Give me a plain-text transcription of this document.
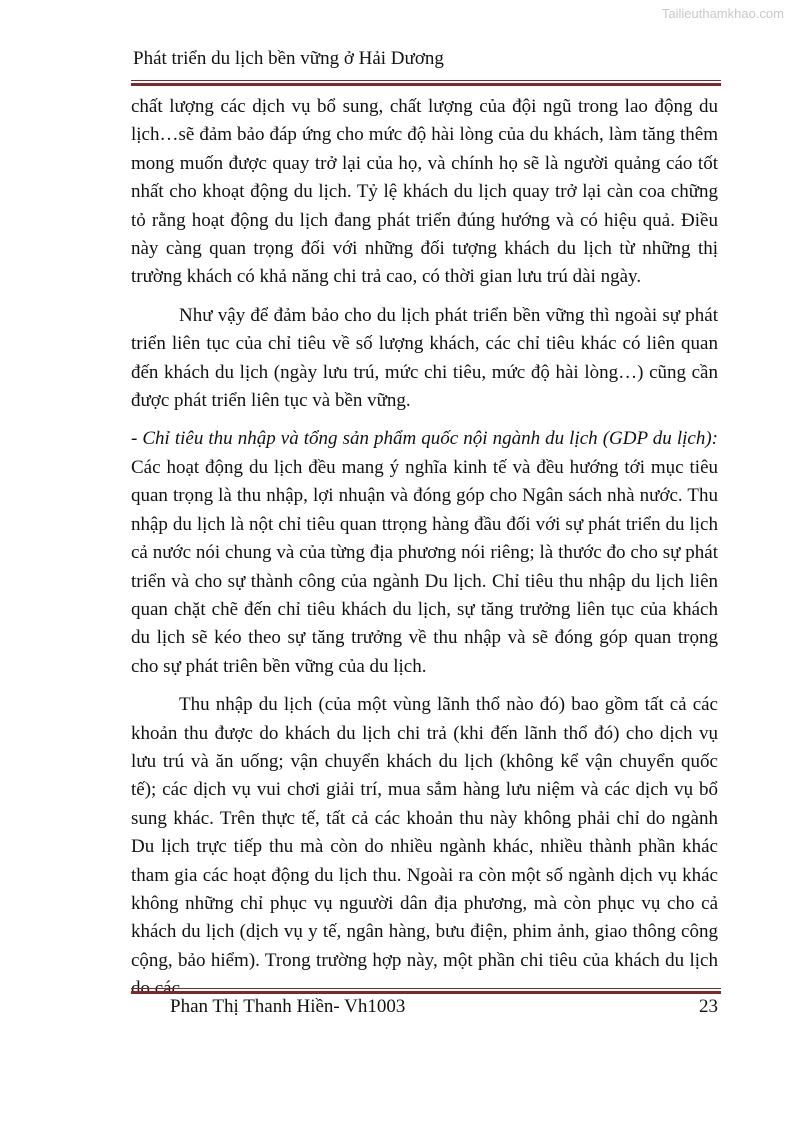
Tailieuthamkhao.com
Phát triển du lịch bền vững ở Hải Dương

chất lượng các dịch vụ bổ sung, chất lượng của đội ngũ trong lao động du lịch…sẽ đảm bảo đáp ứng cho mức độ hài lòng của du khách, làm tăng thêm mong muốn được quay trở lại của họ, và chính họ sẽ là người quảng cáo tốt nhất cho khoạt động du lịch. Tỷ lệ khách du lịch quay trở lại càn coa chững tỏ rằng hoạt động du lịch đang phát triển đúng hướng và có hiệu quả. Điều này càng quan trọng đối với những đối tượng khách du lịch từ những thị trường khách có khả năng chi trả cao, có thời gian lưu trú dài ngày.

Như vậy để đảm bảo cho du lịch phát triển bền vững thì ngoài sự phát triển liên tục của chỉ tiêu về số lượng khách, các chỉ tiêu khác có liên quan đến khách du lịch (ngày lưu trú, mức chi tiêu, mức độ hài lòng…) cũng cần được phát triển liên tục và bền vững.

- Chỉ tiêu thu nhập và tổng sản phẩm quốc nội ngành du lịch (GDP du lịch): Các hoạt động du lịch đều mang ý nghĩa kinh tế và đều hướng tới mục tiêu quan trọng là thu nhập, lợi nhuận và đóng góp cho Ngân sách nhà nước. Thu nhập du lịch là nột chỉ tiêu quan ttrọng hàng đầu đối với sự phát triển du lịch cả nước nói chung và của từng địa phương nói riêng; là thước đo cho sự phát triển và cho sự thành công của ngành Du lịch. Chỉ tiêu thu nhập du lịch liên quan chặt chẽ đến chỉ tiêu khách du lịch, sự tăng trưởng liên tục của khách du lịch sẽ kéo theo sự tăng trưởng về thu nhập và sẽ đóng góp quan trọng cho sự phát triên bền vững của du lịch.

Thu nhập du lịch (của một vùng lãnh thổ nào đó) bao gồm tất cả các khoản thu được do khách du lịch chi trả (khi đến lãnh thổ đó) cho dịch vụ lưu trú và ăn uống; vận chuyển khách du lịch (không kể vận chuyển quốc tế); các dịch vụ vui chơi giải trí, mua sắm hàng lưu niệm và các dịch vụ bổ sung khác. Trên thực tế, tất cả các khoản thu này không phải chỉ do ngành Du lịch trực tiếp thu mà còn do nhiều ngành khác, nhiều thành phần khác tham gia các hoạt động du lịch thu. Ngoài ra còn một số ngành dịch vụ khác không những chỉ phục vụ nguười dân địa phương, mà còn phục vụ cho cả khách du lịch (dịch vụ y tế, ngân hàng, bưu điện, phim ảnh, giao thông công cộng, bảo hiểm). Trong trường hợp này, một phần chi tiêu của khách du lịch

Phan Thị Thanh Hiền- Vh1003	23
